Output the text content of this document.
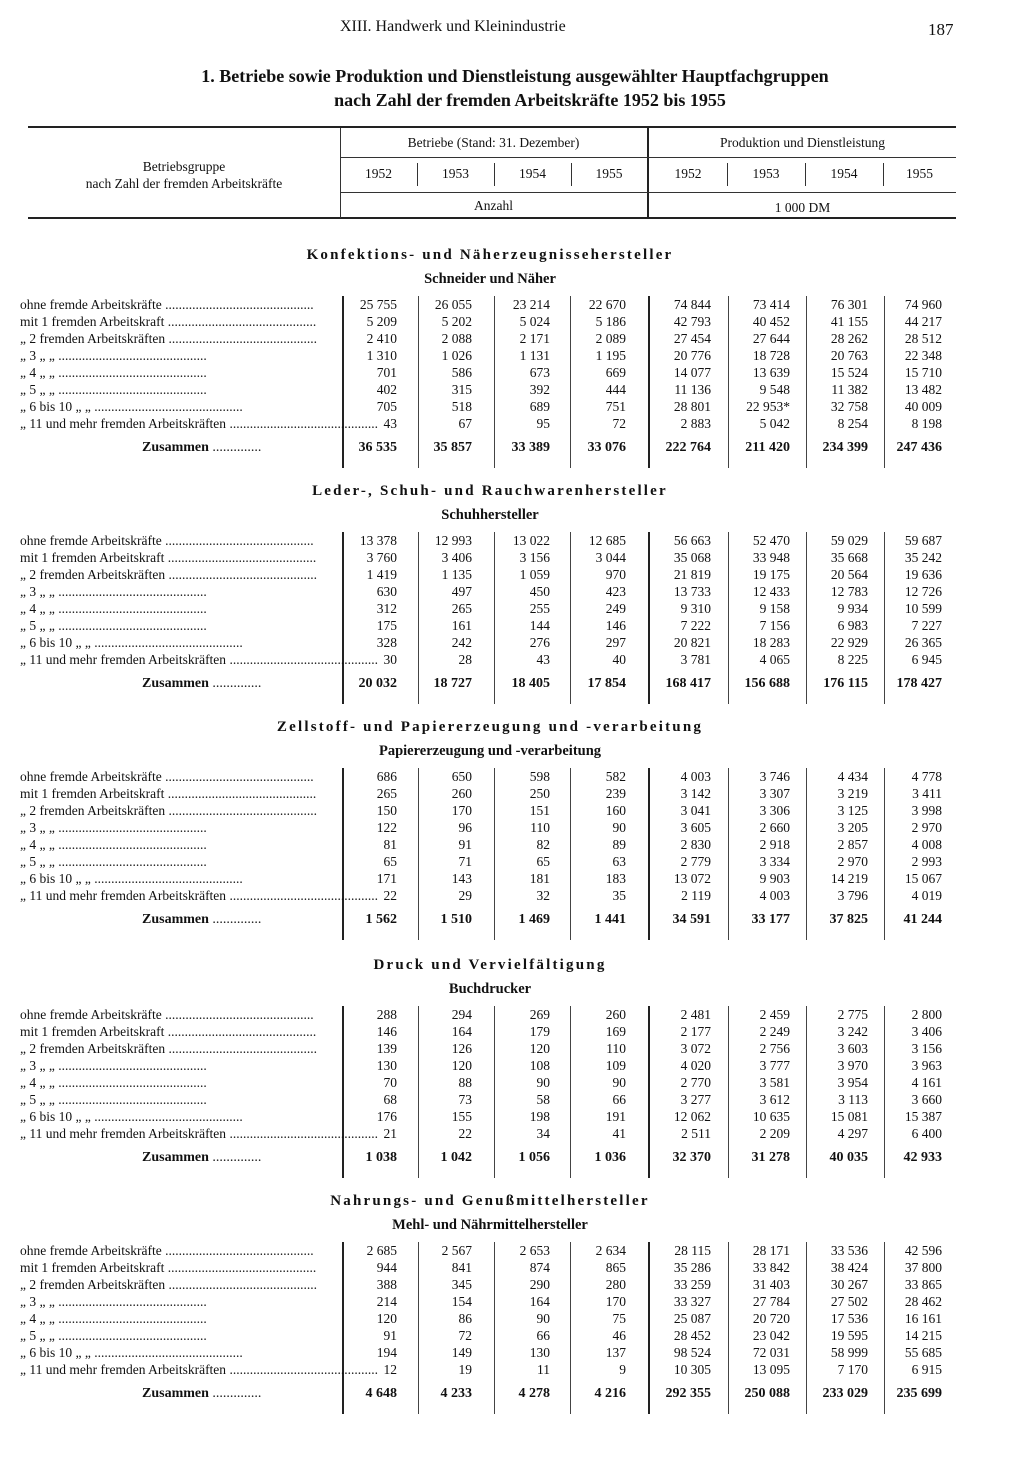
XIII. Handwerk und Kleinindustrie	187
1. Betriebe sowie Produktion und Dienstleistung ausgewählter Hauptfachgruppen
nach Zahl der fremden Arbeitskräfte 1952 bis 1955
Betriebsgruppe
nach Zahl der fremden Arbeitskräfte
Betriebe (Stand: 31. Dezember)	Produktion und Dienstleistung
1952	1953	1954	1955	1952	1953	1954	1955
Anzahl	1 000 DM
Konfektions- und Näherzeugnissehersteller
Schneider und Näher
ohne fremde Arbeitskräfte ............................................	25 755	26 055	23 214	22 670	74 844	73 414	76 301	74 960
mit 1 fremden Arbeitskraft ............................................	5 209	5 202	5 024	5 186	42 793	40 452	41 155	44 217
„ 2 fremden Arbeitskräften ............................................	2 410	2 088	2 171	2 089	27 454	27 644	28 262	28 512
„ 3 „ „ ............................................	1 310	1 026	1 131	1 195	20 776	18 728	20 763	22 348
„ 4 „ „ ............................................	701	586	673	669	14 077	13 639	15 524	15 710
„ 5 „ „ ............................................	402	315	392	444	11 136	9 548	11 382	13 482
„ 6 bis 10 „ „ ............................................	705	518	689	751	28 801	22 953*	32 758	40 009
„ 11 und mehr fremden Arbeitskräften ............................................ 43	67	95	72	2 883	5 042	8 254	8 198
Zusammen ..............	36 535	35 857	33 389	33 076	222 764	211 420	234 399	247 436
Leder-, Schuh- und Rauchwarenhersteller
Schuhhersteller
ohne fremde Arbeitskräfte ............................................	13 378	12 993	13 022	12 685	56 663	52 470	59 029	59 687
mit 1 fremden Arbeitskraft ............................................	3 760	3 406	3 156	3 044	35 068	33 948	35 668	35 242
„ 2 fremden Arbeitskräften ............................................	1 419	1 135	1 059	970	21 819	19 175	20 564	19 636
„ 3 „ „ ............................................	630	497	450	423	13 733	12 433	12 783	12 726
„ 4 „ „ ............................................	312	265	255	249	9 310	9 158	9 934	10 599
„ 5 „ „ ............................................	175	161	144	146	7 222	7 156	6 983	7 227
„ 6 bis 10 „ „ ............................................	328	242	276	297	20 821	18 283	22 929	26 365
„ 11 und mehr fremden Arbeitskräften ............................................ 30	28	43	40	3 781	4 065	8 225	6 945
Zusammen ..............	20 032	18 727	18 405	17 854	168 417	156 688	176 115	178 427
Zellstoff- und Papiererzeugung und -verarbeitung
Papiererzeugung und -verarbeitung
ohne fremde Arbeitskräfte ............................................	686	650	598	582	4 003	3 746	4 434	4 778
mit 1 fremden Arbeitskraft ............................................	265	260	250	239	3 142	3 307	3 219	3 411
„ 2 fremden Arbeitskräften ............................................	150	170	151	160	3 041	3 306	3 125	3 998
„ 3 „ „ ............................................	122	96	110	90	3 605	2 660	3 205	2 970
„ 4 „ „ ............................................	81	91	82	89	2 830	2 918	2 857	4 008
„ 5 „ „ ............................................	65	71	65	63	2 779	3 334	2 970	2 993
„ 6 bis 10 „ „ ............................................	171	143	181	183	13 072	9 903	14 219	15 067
„ 11 und mehr fremden Arbeitskräften ............................................ 22	29	32	35	2 119	4 003	3 796	4 019
Zusammen ..............	1 562	1 510	1 469	1 441	34 591	33 177	37 825	41 244
Druck und Vervielfältigung
Buchdrucker
ohne fremde Arbeitskräfte ............................................	288	294	269	260	2 481	2 459	2 775	2 800
mit 1 fremden Arbeitskraft ............................................	146	164	179	169	2 177	2 249	3 242	3 406
„ 2 fremden Arbeitskräften ............................................	139	126	120	110	3 072	2 756	3 603	3 156
„ 3 „ „ ............................................	130	120	108	109	4 020	3 777	3 970	3 963
„ 4 „ „ ............................................	70	88	90	90	2 770	3 581	3 954	4 161
„ 5 „ „ ............................................	68	73	58	66	3 277	3 612	3 113	3 660
„ 6 bis 10 „ „ ............................................	176	155	198	191	12 062	10 635	15 081	15 387
„ 11 und mehr fremden Arbeitskräften ............................................ 21	22	34	41	2 511	2 209	4 297	6 400
Zusammen ..............	1 038	1 042	1 056	1 036	32 370	31 278	40 035	42 933
Nahrungs- und Genußmittelhersteller
Mehl- und Nährmittelhersteller
ohne fremde Arbeitskräfte ............................................	2 685	2 567	2 653	2 634	28 115	28 171	33 536	42 596
mit 1 fremden Arbeitskraft ............................................	944	841	874	865	35 286	33 842	38 424	37 800
„ 2 fremden Arbeitskräften ............................................	388	345	290	280	33 259	31 403	30 267	33 865
„ 3 „ „ ............................................	214	154	164	170	33 327	27 784	27 502	28 462
„ 4 „ „ ............................................	120	86	90	75	25 087	20 720	17 536	16 161
„ 5 „ „ ............................................	91	72	66	46	28 452	23 042	19 595	14 215
„ 6 bis 10 „ „ ............................................	194	149	130	137	98 524	72 031	58 999	55 685
„ 11 und mehr fremden Arbeitskräften ............................................ 12	19	11	9	10 305	13 095	7 170	6 915
Zusammen ..............	4 648	4 233	4 278	4 216	292 355	250 088	233 029	235 699
